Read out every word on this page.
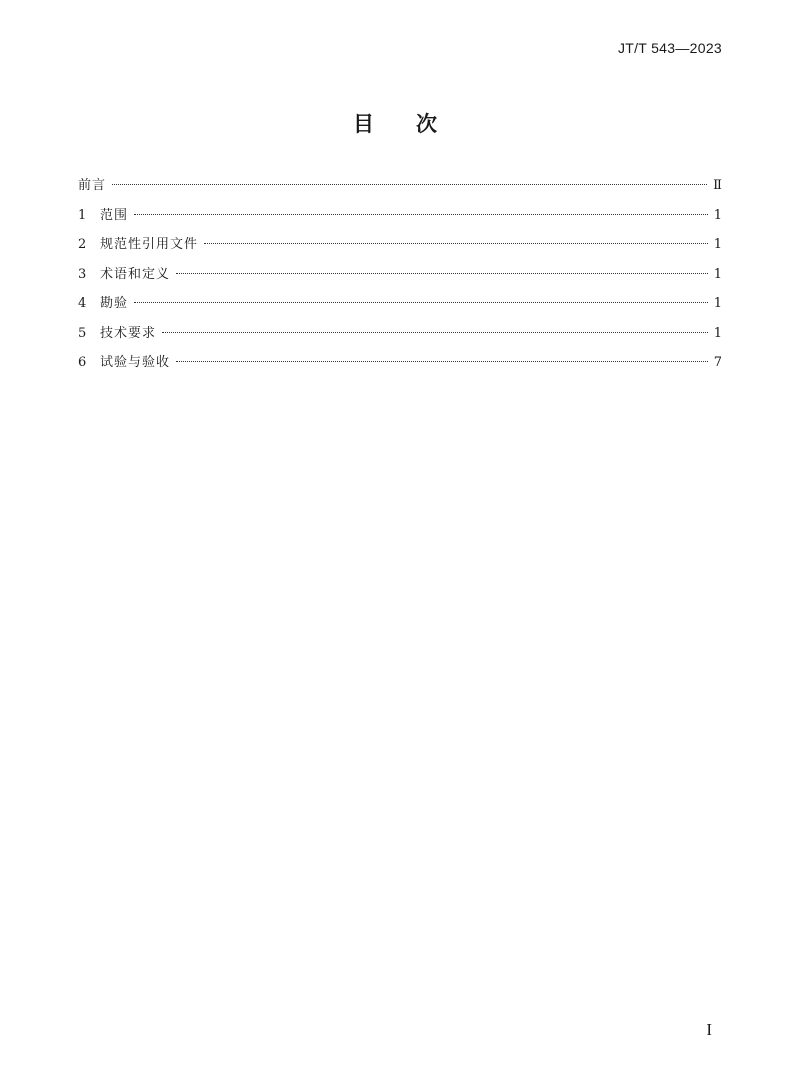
JT/T 543—2023
目次
前言	Ⅱ
1	范围	1
2	规范性引用文件	1
3	术语和定义	1
4	勘验	1
5	技术要求	1
6	试验与验收	7
I
